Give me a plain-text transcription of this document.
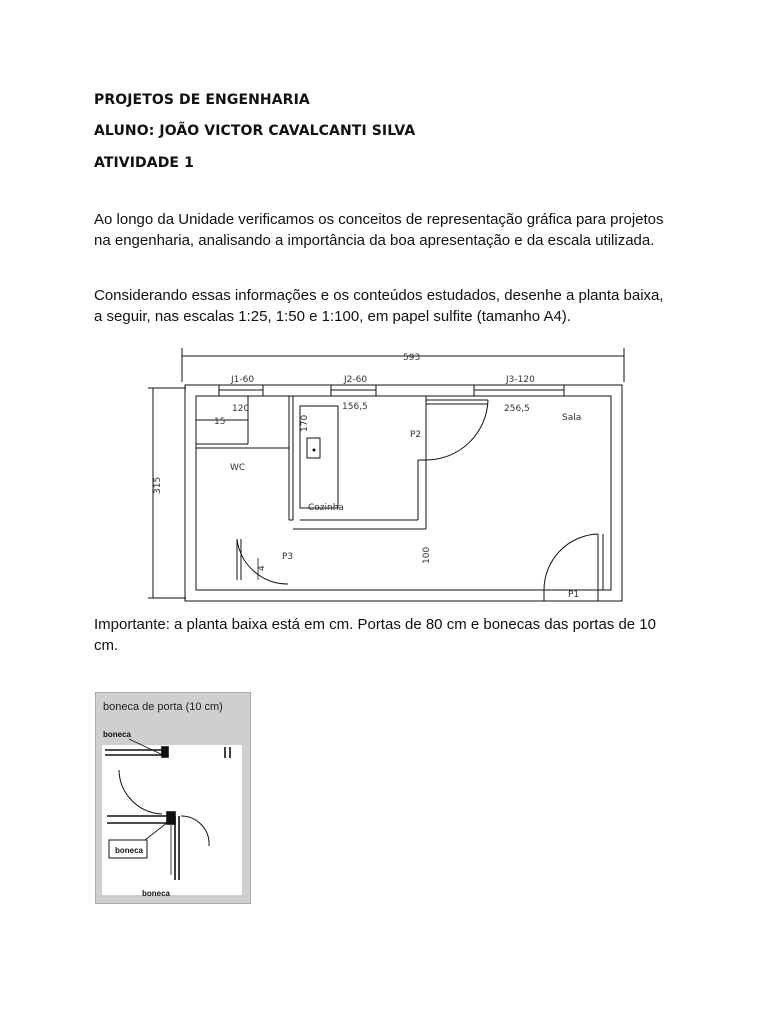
PROJETOS DE ENGENHARIA
ALUNO: JOÃO VICTOR CAVALCANTI SILVA
ATIVIDADE 1

Ao longo da Unidade verificamos os conceitos de representação gráfica para projetos

na engenharia, analisando a importância da boa apresentação e da escala utilizada.

Considerando essas informações e os conteúdos estudados, desenhe a planta baixa,

a seguir, nas escalas 1:25, 1:50 e 1:100, em papel sulfite (tamanho A4).

593
315
J1-60	J2-60	J3-120
120	156,5	256,5
15	170
100
4
WC
Sala
Cozinha
P1
P2
P3

Importante: a planta baixa está em cm. Portas de 80 cm e bonecas das portas de 10

cm.

boneca de porta (10 cm)
boneca
boneca
boneca
